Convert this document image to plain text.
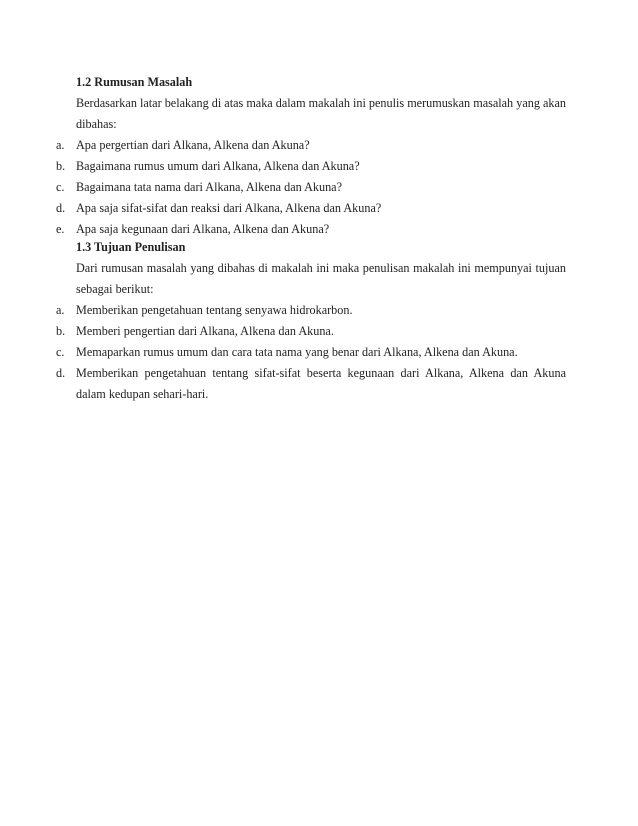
1.2 Rumusan Masalah
Berdasarkan latar belakang di atas maka dalam makalah ini penulis merumuskan masalah yang akan dibahas:
a. Apa pergertian dari Alkana, Alkena dan Akuna?
b. Bagaimana rumus umum dari Alkana, Alkena dan Akuna?
c. Bagaimana tata nama dari Alkana, Alkena dan Akuna?
d. Apa saja sifat-sifat dan reaksi dari Alkana, Alkena dan Akuna?
e. Apa saja kegunaan dari Alkana, Alkena dan Akuna?
1.3 Tujuan Penulisan
Dari rumusan masalah yang dibahas di makalah ini maka penulisan makalah ini mempunyai tujuan sebagai berikut:
a. Memberikan pengetahuan tentang senyawa hidrokarbon.
b. Memberi pengertian dari Alkana, Alkena dan Akuna.
c. Memaparkan rumus umum dan cara tata nama yang benar dari Alkana, Alkena dan Akuna.
d. Memberikan pengetahuan tentang sifat-sifat beserta kegunaan dari Alkana, Alkena dan Akuna dalam kedupan sehari-hari.
